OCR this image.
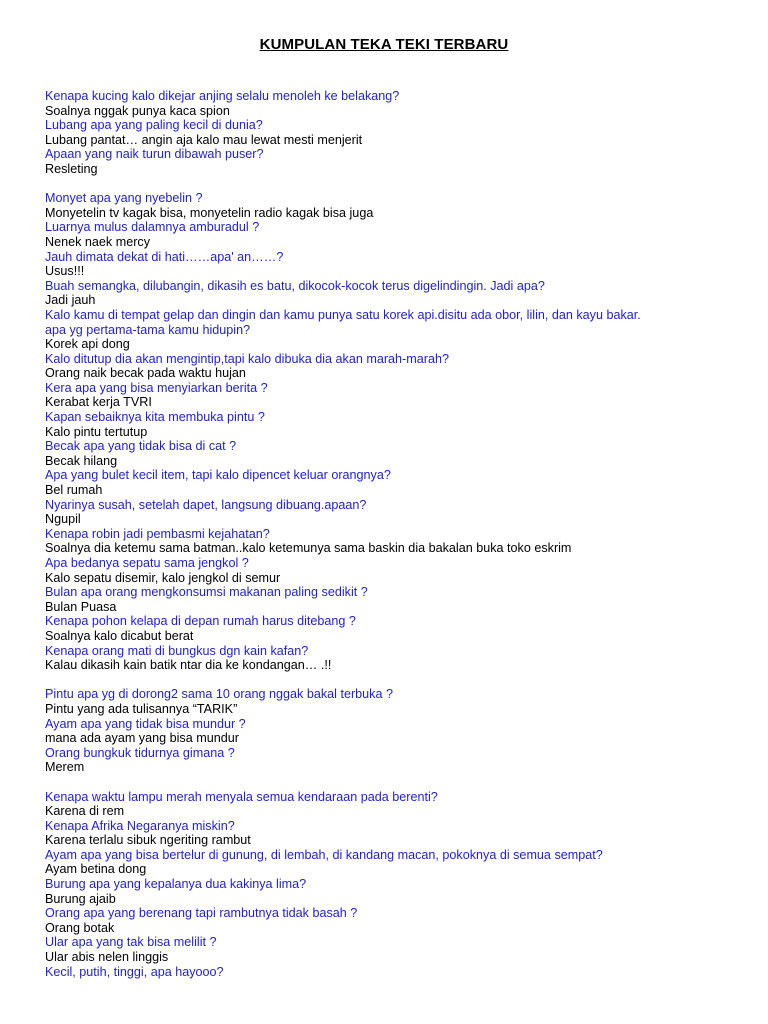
KUMPULAN TEKA TEKI TERBARU
Kenapa kucing kalo dikejar anjing selalu menoleh ke belakang?
Soalnya nggak punya kaca spion
Lubang apa yang paling kecil di dunia?
Lubang pantat… angin aja kalo mau lewat mesti menjerit
Apaan yang naik turun dibawah puser?
Resleting
Monyet apa yang nyebelin ?
Monyetelin tv kagak bisa, monyetelin radio kagak bisa juga
Luarnya mulus dalamnya amburadul ?
Nenek naek mercy
Jauh dimata dekat di hati……apa' an……?
Usus!!!
Buah semangka, dilubangin, dikasih es batu, dikocok-kocok terus digelindingin. Jadi apa?
Jadi jauh
Kalo kamu di tempat gelap dan dingin dan kamu punya satu korek api.disitu ada obor, lilin, dan kayu bakar.
apa yg pertama-tama kamu hidupin?
Korek api dong
Kalo ditutup dia akan mengintip,tapi kalo dibuka dia akan marah-marah?
Orang naik becak pada waktu hujan
Kera apa yang bisa menyiarkan berita ?
Kerabat kerja TVRI
Kapan sebaiknya kita membuka pintu ?
Kalo pintu tertutup
Becak apa yang tidak bisa di cat ?
Becak hilang
Apa yang bulet kecil item, tapi kalo dipencet keluar orangnya?
Bel rumah
Nyarinya susah, setelah dapet, langsung dibuang.apaan?
Ngupil
Kenapa robin jadi pembasmi kejahatan?
Soalnya dia ketemu sama batman..kalo ketemunya sama baskin dia bakalan buka toko eskrim
Apa bedanya sepatu sama jengkol ?
Kalo sepatu disemir, kalo jengkol di semur
Bulan apa orang mengkonsumsi makanan paling sedikit ?
Bulan Puasa
Kenapa pohon kelapa di depan rumah harus ditebang ?
Soalnya kalo dicabut berat
Kenapa orang mati di bungkus dgn kain kafan?
Kalau dikasih kain batik ntar dia ke kondangan… .!!
Pintu apa yg di dorong2 sama 10 orang nggak bakal terbuka ?
Pintu yang ada tulisannya “TARIK”
Ayam apa yang tidak bisa mundur ?
mana ada ayam yang bisa mundur
Orang bungkuk tidurnya gimana ?
Merem
Kenapa waktu lampu merah menyala semua kendaraan pada berenti?
Karena di rem
Kenapa Afrika Negaranya miskin?
Karena terlalu sibuk ngeriting rambut
Ayam apa yang bisa bertelur di gunung, di lembah, di kandang macan, pokoknya di semua sempat?
Ayam betina dong
Burung apa yang kepalanya dua kakinya lima?
Burung ajaib
Orang apa yang berenang tapi rambutnya tidak basah ?
Orang botak
Ular apa yang tak bisa melilit ?
Ular abis nelen linggis
Kecil, putih, tinggi, apa hayooo?
